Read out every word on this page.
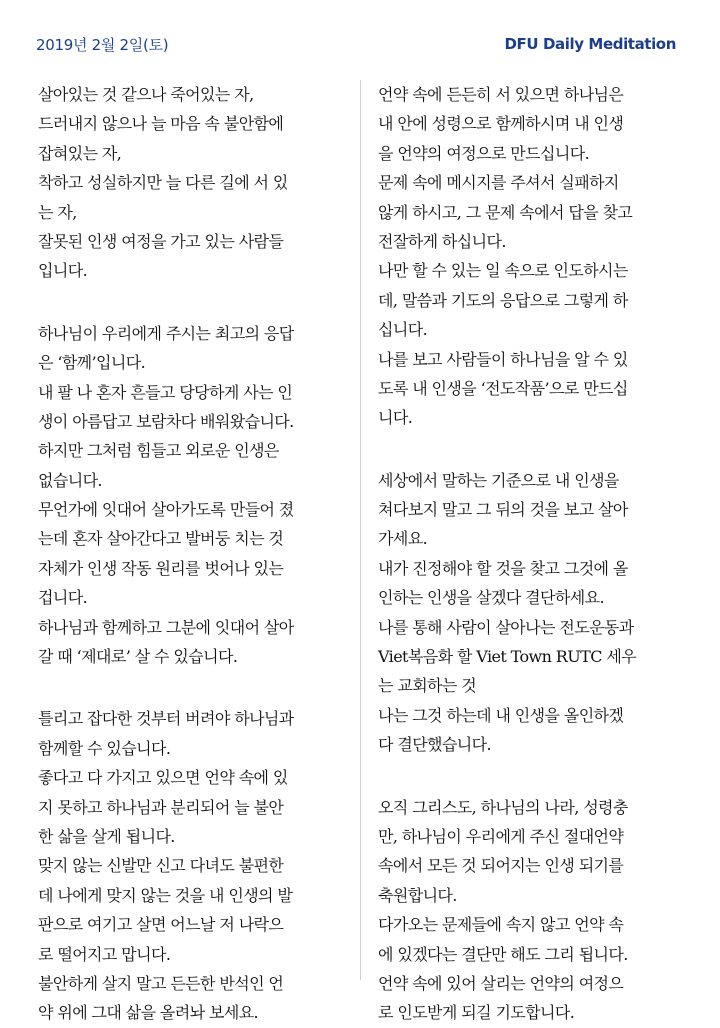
2019년 2월 2일(토)	DFU Daily Meditation
살아있는 것 같으나 죽어있는 자,
드러내지 않으나 늘 마음 속 불안함에
잡혀있는 자,
착하고 성실하지만 늘 다른 길에 서 있
는 자,
잘못된 인생 여정을 가고 있는 사람들
입니다.
하나님이 우리에게 주시는 최고의 응답
은 ‘함께’입니다.
내 팔 나 혼자 흔들고 당당하게 사는 인
생이 아름답고 보람차다 배워왔습니다.
하지만 그처럼 힘들고 외로운 인생은
없습니다.
무언가에 잇대어 살아가도록 만들어 졌
는데 혼자 살아간다고 발버둥 치는 것
자체가 인생 작동 원리를 벗어나 있는
겁니다.
하나님과 함께하고 그분에 잇대어 살아
갈 때 ‘제대로’ 살 수 있습니다.
틀리고 잡다한 것부터 버려야 하나님과
함께할 수 있습니다.
좋다고 다 가지고 있으면 언약 속에 있
지 못하고 하나님과 분리되어 늘 불안
한 삶을 살게 됩니다.
맞지 않는 신발만 신고 다녀도 불편한
데 나에게 맞지 않는 것을 내 인생의 발
판으로 여기고 살면 어느날 저 나락으
로 떨어지고 맙니다.
불안하게 살지 말고 든든한 반석인 언
약 위에 그대 삶을 올려놔 보세요.
언약 속에 든든히 서 있으면 하나님은
내 안에 성령으로 함께하시며 내 인생
을 언약의 여정으로 만드십니다.
문제 속에 메시지를 주셔서 실패하지
않게 하시고, 그 문제 속에서 답을 찾고
전잘하게 하십니다.
나만 할 수 있는 일 속으로 인도하시는
데, 말씀과 기도의 응답으로 그렇게 하
십니다.
나를 보고 사람들이 하나님을 알 수 있
도록 내 인생을 ‘전도작품’으로 만드십
니다.
세상에서 말하는 기준으로 내 인생을
쳐다보지 말고 그 뒤의 것을 보고 살아
가세요.
내가 진정해야 할 것을 찾고 그것에 올
인하는 인생을 살겠다 결단하세요.
나를 통해 사람이 살아나는 전도운동과
Viet복음화 할 Viet Town RUTC 세우
는 교회하는 것
나는 그것 하는데 내 인생을 올인하겠
다 결단했습니다.
오직 그리스도, 하나님의 나라, 성령충
만, 하나님이 우리에게 주신 절대언약
속에서 모든 것 되어지는 인생 되기를
축원합니다.
다가오는 문제들에 속지 않고 언약 속
에 있겠다는 결단만 해도 그리 됩니다.
언약 속에 있어 살리는 언약의 여정으
로 인도받게 되길 기도합니다.
